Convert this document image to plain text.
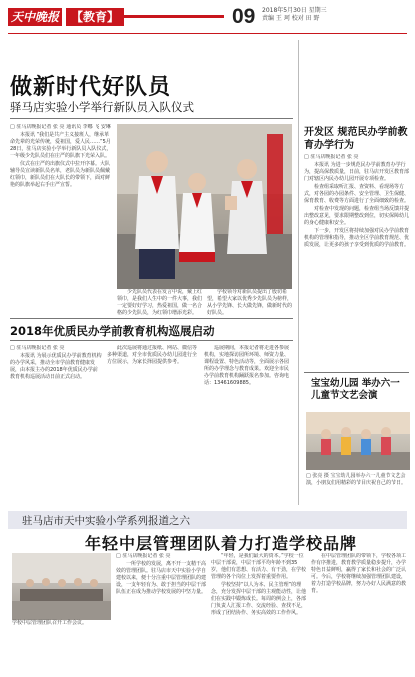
天中晚报 【教育】	09 2018年5月30日 星期三
责编 王 珂 校对 田 野
做新时代好队员
驿马店实验小学举行新队员入队仪式

□ 驻马店晚报记者 张 亮 通讯员 李娜 飞 安琳

本报讯 “我们是共产主义接班人，继承革命先辈的光荣传统，爱祖国，爱人民……”5月28日，驻马店实验小学举行新队员入队仪式，一年级少先队员们在庄严的队旗下光荣入队。

仪式在庄严的出旗仪式中拉开序幕。大队辅导员宣读新队员名单，老队员为新队员佩戴红领巾，新队员们在大队长的带领下，面对鲜艳的队旗举起右手庄严宣誓。

少先队员代表在发言中说，戴上红领巾，是我们人生中的一件大事，我们一定要好好学习，热爱祖国，做一名合格的少先队员，为红领巾增添光彩。

学校领导对新队员提出了殷切希望，希望大家以优秀少先队员为榜样，从小学先锋、长大做先锋，做新时代的好队员。

开发区 规范民办学前教育办学行为

□ 驻马店晚报记者 张 亮

本报讯 为进一步规范民办学前教育办学行为，提高保教质量，日前，驻马店开发区教育部门对辖区内民办幼儿园开展专项检查。

检查组采取听汇报、查资料、看现场等方式，对各园的办园条件、安全管理、卫生保健、保育教育、收费等方面进行了全面细致的检查。

对检查中发现的问题，检查组当场反馈并提出整改意见，要求限期整改到位，切实保障幼儿的身心健康和安全。

下一步，开发区将持续加强对民办学前教育机构的管理和指导，推动全区学前教育规范、优质发展，让更多的孩子享受到优质的学前教育。

2018年优质民办学前教育机构巡展启动

□ 驻马店晚报记者 张 亮

本报讯 为展示优质民办学前教育机构的办学风采，推动全市学前教育健康发展，由本报主办的2018年优质民办学前教育机构巡展活动日前正式启动。

此次巡展将通过报纸、网站、微信等多种渠道，对全市优质民办幼儿园进行全方位展示，为家长择园提供参考。

巡展期间，本报记者将走进各参展机构，实地探访园所环境、师资力量、课程设置、特色活动等，全面展示各园所的办学理念与教育成果。欢迎全市民办学前教育机构踊跃报名参加。咨询电话：13461609885。	宝宝幼儿园 举办六一儿童节文艺会演
□ 张亮 摄 宝宝幼儿园举办六一儿童节文艺会演，小朋友们用精彩的节目庆祝自己的节日。
驻马店市天中实验小学系列报道之六
年轻中层管理团队着力打造学校品牌
学校中层管理团队召开工作会议。

□ 驻马店晚报记者 张 亮

一所学校的发展，离不开一支精干高效的管理团队。驻马店市天中实验小学自建校以来，便十分注重中层管理团队的建设，一支年轻有为、敢于担当的中层干部队伍正在成为推动学校发展的中坚力量。

“年轻，是我们最大的资本。”学校一位中层干部说，中层干部平均年龄不到35岁，他们有思想、有活力、有干劲，在学校管理的各个岗位上发挥着重要作用。

学校坚持“以人为本、民主管理”的理念，充分发挥中层干部的主观能动性，让他们在实践中锻炼成长。每周的例会上，各部门负责人汇报工作、交流经验、查找不足，形成了团结协作、务实高效的工作作风。

在中层管理团队的带领下，学校各项工作有序推进，教育教学质量稳步提升，办学特色日益鲜明，赢得了家长和社会的广泛认可。今后，学校将继续加强管理团队建设，着力打造学校品牌，努力办好人民满意的教育。
